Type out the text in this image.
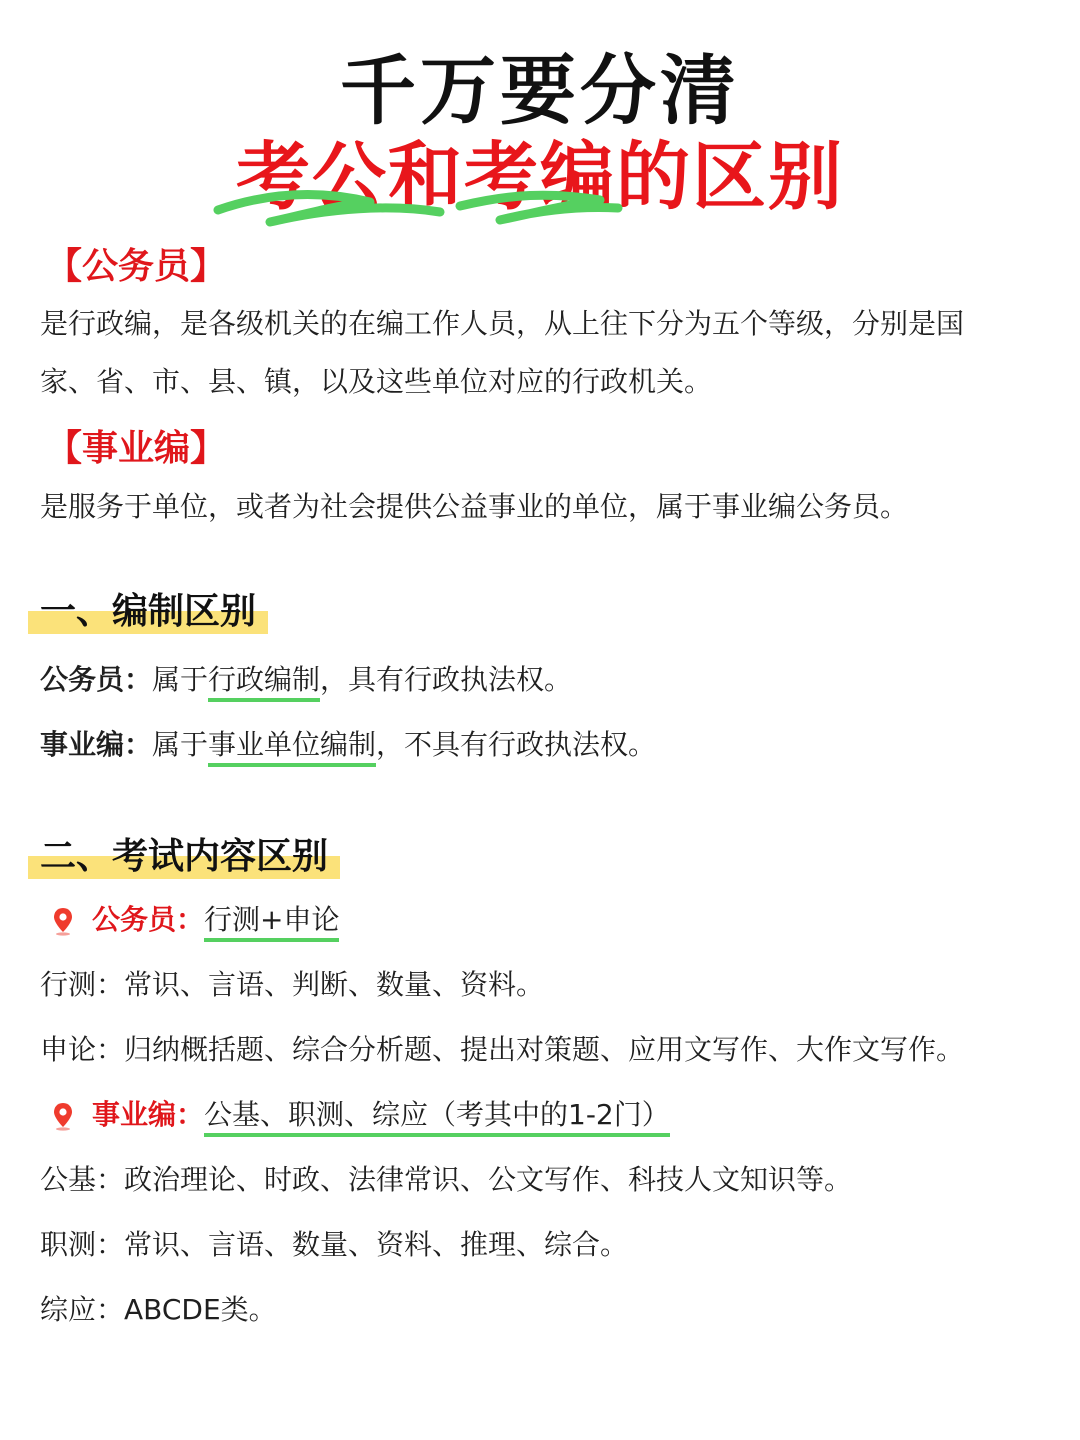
千万要分清
考公和考编的区别
【公务员】
是行政编，是各级机关的在编工作人员，从上往下分为五个等级，分别是国
家、省、市、县、镇，以及这些单位对应的行政机关。
【事业编】
是服务于单位，或者为社会提供公益事业的单位，属于事业编公务员。
一、编制区别
公务员：属于行政编制，具有行政执法权。
事业编：属于事业单位编制，不具有行政执法权。
二、考试内容区别
公务员：行测+申论
行测：常识、言语、判断、数量、资料。
申论：归纳概括题、综合分析题、提出对策题、应用文写作、大作文写作。
事业编：公基、职测、综应（考其中的1-2门）
公基：政治理论、时政、法律常识、公文写作、科技人文知识等。
职测：常识、言语、数量、资料、推理、综合。
综应：ABCDE类。
